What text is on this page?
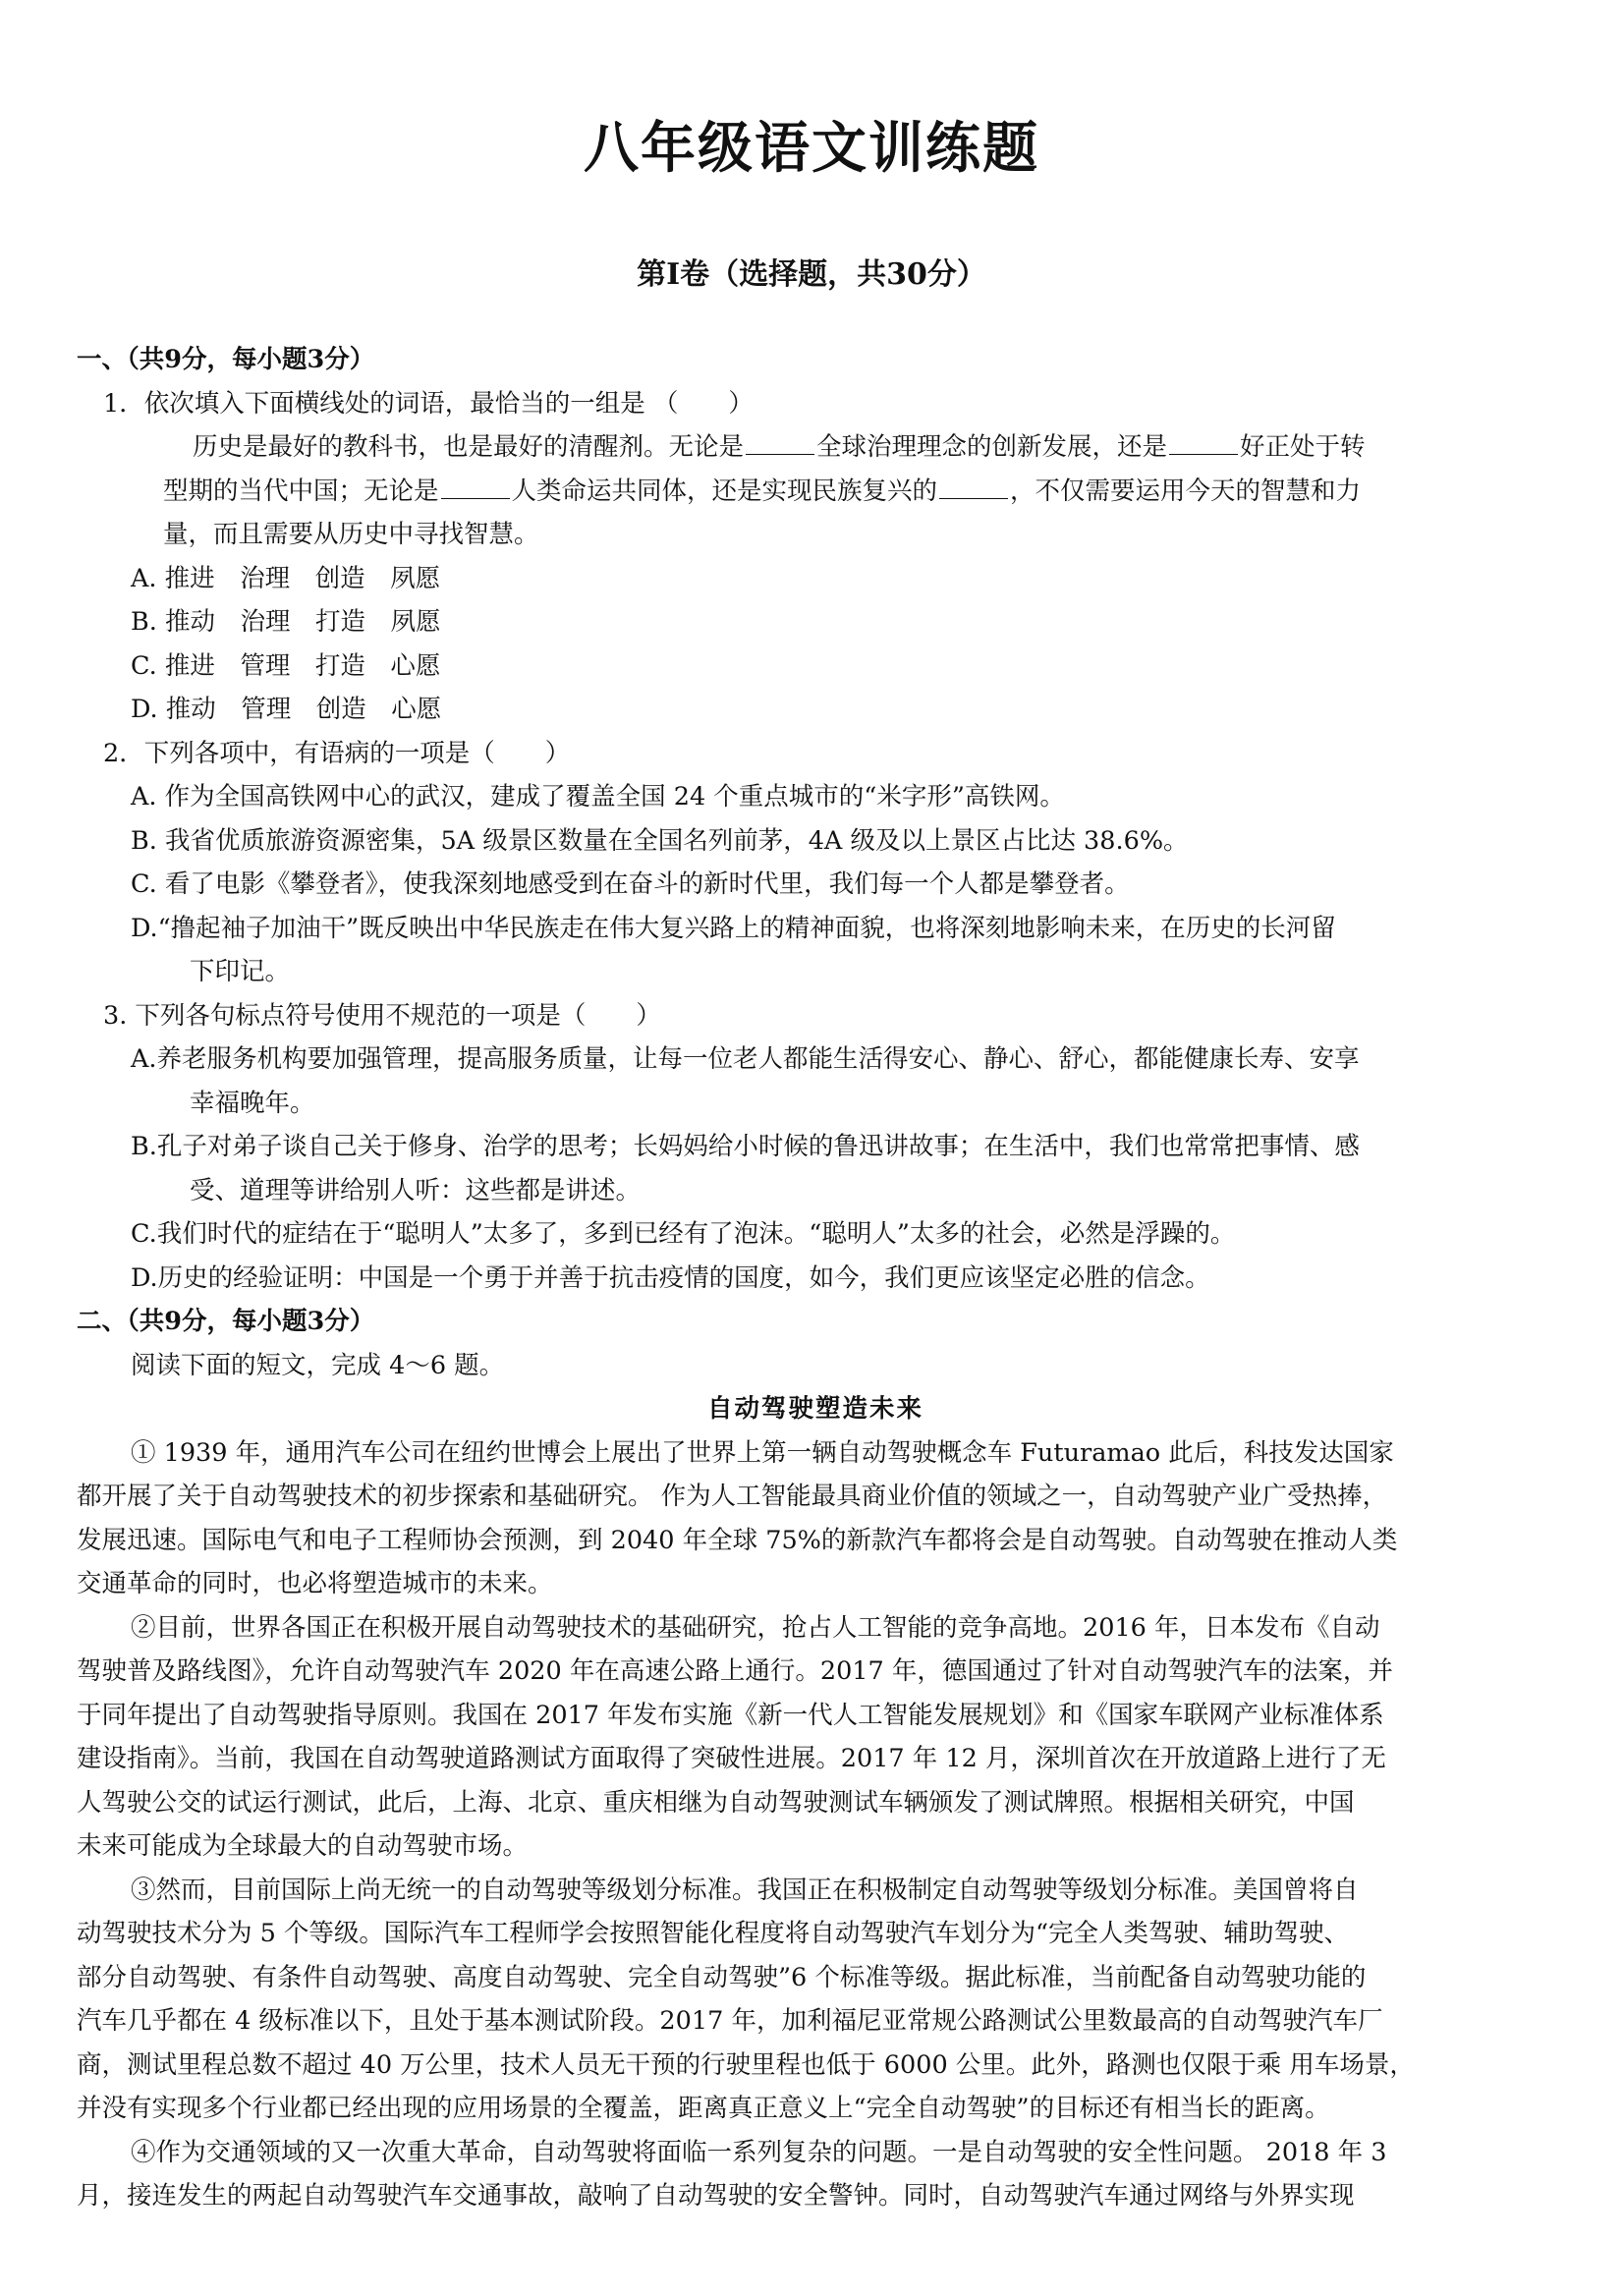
八年级语文训练题
第Ⅰ卷（选择题，共30分）
一、（共9分，每小题3分）
1．依次填入下面横线处的词语，最恰当的一组是 （　　）
历史是最好的教科书，也是最好的清醒剂。无论是	全球治理理念的创新发展，还是	好正处于转
型期的当代中国；无论是	人类命运共同体，还是实现民族复兴的	，不仅需要运用今天的智慧和力
量，而且需要从历史中寻找智慧。
A. 推进　治理　创造　夙愿
B. 推动　治理　打造　夙愿
C. 推进　管理　打造　心愿
D. 推动　管理　创造　心愿
2．下列各项中，有语病的一项是（　　）
A. 作为全国高铁网中心的武汉，建成了覆盖全国 24 个重点城市的“米字形”高铁网。
B. 我省优质旅游资源密集，5A 级景区数量在全国名列前茅，4A 级及以上景区占比达 38.6%。
C. 看了电影《攀登者》，使我深刻地感受到在奋斗的新时代里，我们每一个人都是攀登者。
D.“撸起袖子加油干”既反映出中华民族走在伟大复兴路上的精神面貌，也将深刻地影响未来，在历史的长河留
下印记。
3. 下列各句标点符号使用不规范的一项是（　　）
A.养老服务机构要加强管理，提高服务质量，让每一位老人都能生活得安心、静心、舒心，都能健康长寿、安享
幸福晚年。
B.孔子对弟子谈自己关于修身、治学的思考；长妈妈给小时候的鲁迅讲故事；在生活中，我们也常常把事情、感
受、道理等讲给别人听：这些都是讲述。
C.我们时代的症结在于“聪明人”太多了，多到已经有了泡沫。“聪明人”太多的社会，必然是浮躁的。
D.历史的经验证明：中国是一个勇于并善于抗击疫情的国度，如今，我们更应该坚定必胜的信念。
二、（共9分，每小题3分）
阅读下面的短文，完成 4～6 题。
自动驾驶塑造未来
① 1939 年，通用汽车公司在纽约世博会上展出了世界上第一辆自动驾驶概念车 Futuramao 此后，科技发达国家
都开展了关于自动驾驶技术的初步探索和基础研究。 作为人工智能最具商业价值的领域之一，自动驾驶产业广受热捧，
发展迅速。国际电气和电子工程师协会预测，到 2040 年全球 75%的新款汽车都将会是自动驾驶。自动驾驶在推动人类
交通革命的同时，也必将塑造城市的未来。
②目前，世界各国正在积极开展自动驾驶技术的基础研究，抢占人工智能的竞争高地。2016 年，日本发布《自动
驾驶普及路线图》，允许自动驾驶汽车 2020 年在高速公路上通行。2017 年，德国通过了针对自动驾驶汽车的法案，并
于同年提出了自动驾驶指导原则。我国在 2017 年发布实施《新一代人工智能发展规划》和《国家车联网产业标准体系
建设指南》。当前，我国在自动驾驶道路测试方面取得了突破性进展。2017 年 12 月，深圳首次在开放道路上进行了无
人驾驶公交的试运行测试，此后，上海、北京、重庆相继为自动驾驶测试车辆颁发了测试牌照。根据相关研究，中国
未来可能成为全球最大的自动驾驶市场。
③然而，目前国际上尚无统一的自动驾驶等级划分标准。我国正在积极制定自动驾驶等级划分标准。美国曾将自
动驾驶技术分为 5 个等级。国际汽车工程师学会按照智能化程度将自动驾驶汽车划分为“完全人类驾驶、辅助驾驶、
部分自动驾驶、有条件自动驾驶、高度自动驾驶、完全自动驾驶”6 个标准等级。据此标准，当前配备自动驾驶功能的
汽车几乎都在 4 级标准以下，且处于基本测试阶段。2017 年，加利福尼亚常规公路测试公里数最高的自动驾驶汽车厂
商，测试里程总数不超过 40 万公里，技术人员无干预的行驶里程也低于 6000 公里。此外，路测也仅限于乘 用车场景，
并没有实现多个行业都已经出现的应用场景的全覆盖，距离真正意义上“完全自动驾驶”的目标还有相当长的距离。
④作为交通领域的又一次重大革命，自动驾驶将面临一系列复杂的问题。一是自动驾驶的安全性问题。 2018 年 3
月，接连发生的两起自动驾驶汽车交通事故，敲响了自动驾驶的安全警钟。同时，自动驾驶汽车通过网络与外界实现
